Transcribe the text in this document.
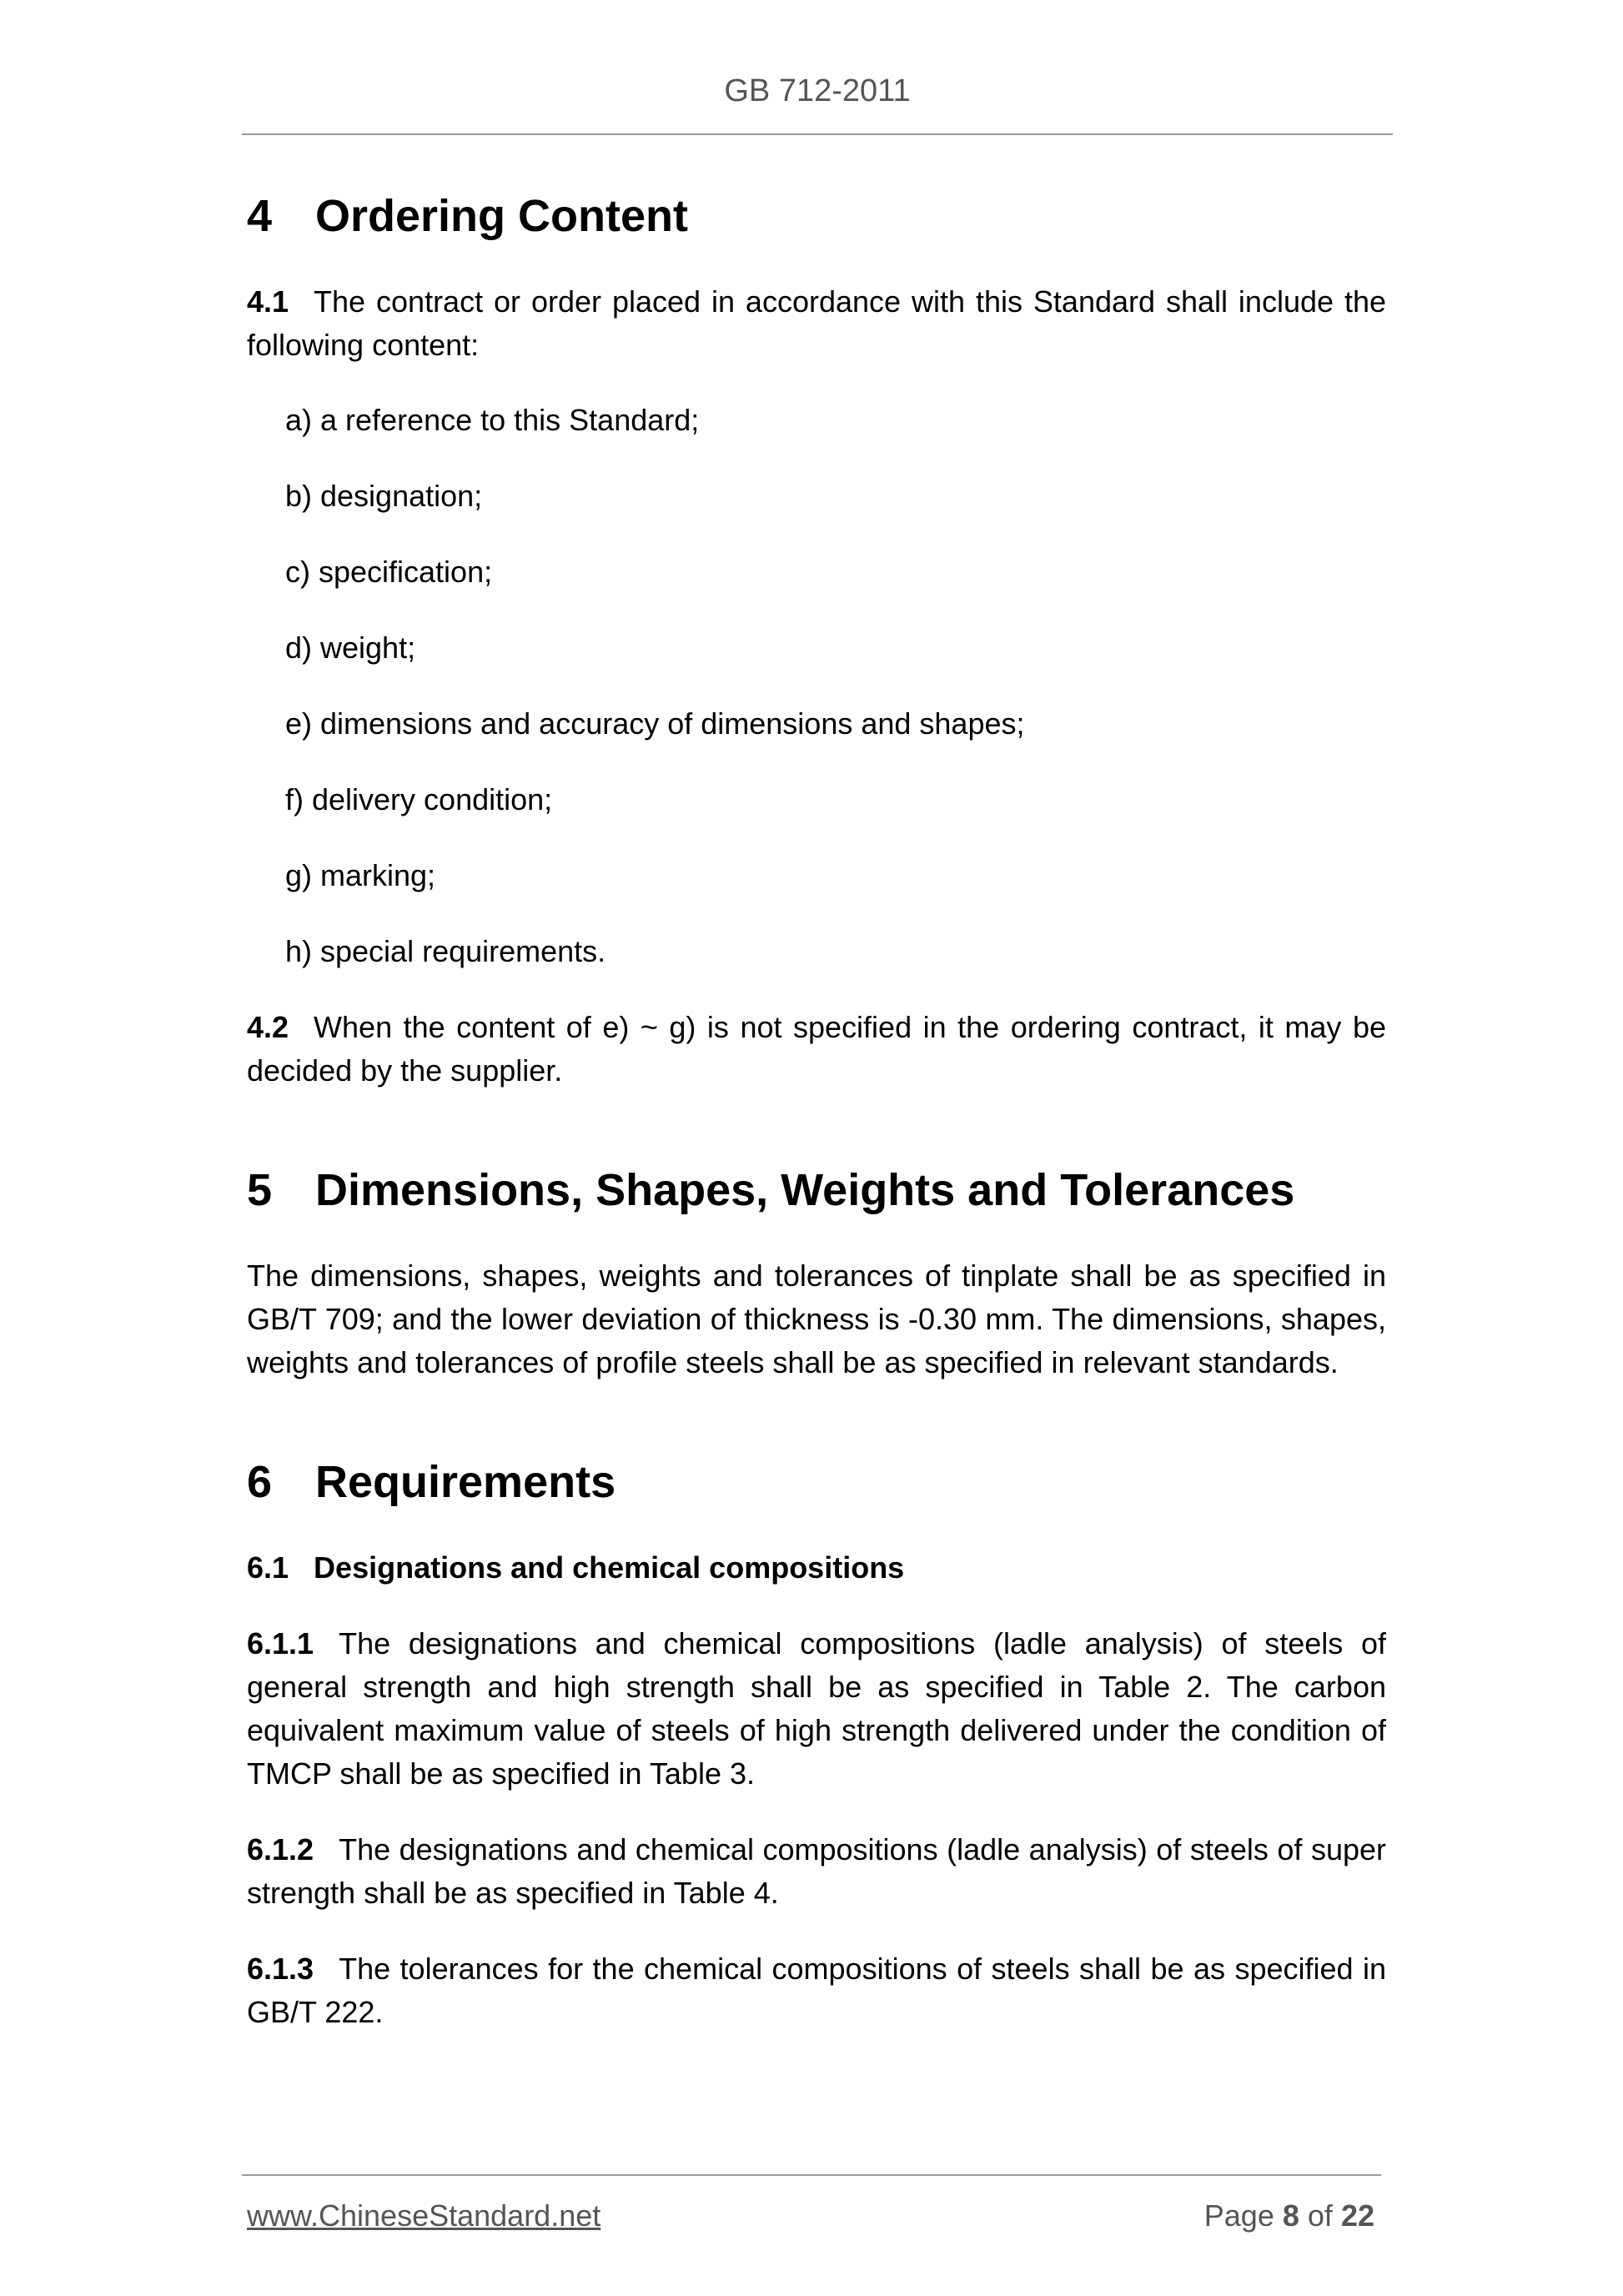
GB 712-2011
4 Ordering Content

4.1 The contract or order placed in accordance with this Standard shall include the following content:

a) a reference to this Standard;

b) designation;

c) specification;

d) weight;

e) dimensions and accuracy of dimensions and shapes;

f) delivery condition;

g) marking;

h) special requirements.

4.2 When the content of e) ~ g) is not specified in the ordering contract, it may be decided by the supplier.

5 Dimensions, Shapes, Weights and Tolerances

The dimensions, shapes, weights and tolerances of tinplate shall be as specified in GB/T 709; and the lower deviation of thickness is -0.30 mm. The dimensions, shapes, weights and tolerances of profile steels shall be as specified in relevant standards.

6 Requirements
6.1 Designations and chemical compositions

6.1.1 The designations and chemical compositions (ladle analysis) of steels of general strength and high strength shall be as specified in Table 2. The carbon equivalent maximum value of steels of high strength delivered under the condition of TMCP shall be as specified in Table 3.

6.1.2 The designations and chemical compositions (ladle analysis) of steels of super strength shall be as specified in Table 4.

6.1.3 The tolerances for the chemical compositions of steels shall be as specified in GB/T 222.

www.ChineseStandard.net	Page 8 of 22
